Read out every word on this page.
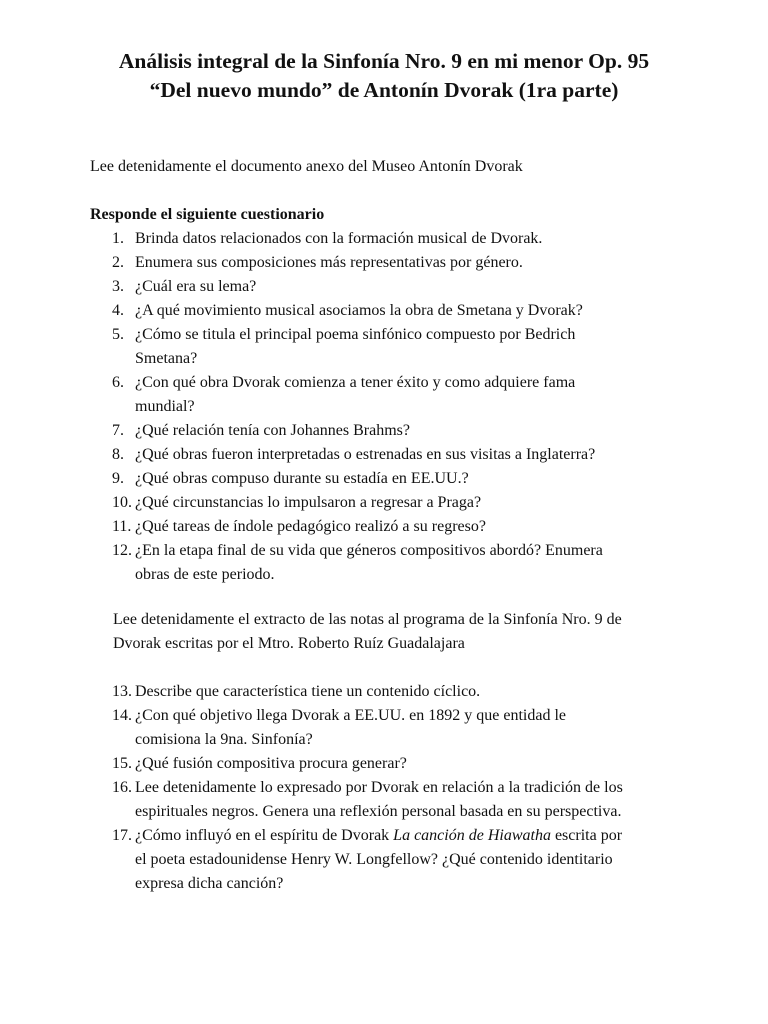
Análisis integral de la Sinfonía Nro. 9 en mi menor Op. 95
“Del nuevo mundo” de Antonín Dvorak (1ra parte)

Lee detenidamente el documento anexo del Museo Antonín Dvorak

Responde el siguiente cuestionario

1. Brinda datos relacionados con la formación musical de Dvorak.
2. Enumera sus composiciones más representativas por género.
3. ¿Cuál era su lema?
4. ¿A qué movimiento musical asociamos la obra de Smetana y Dvorak?
5. ¿Cómo se titula el principal poema sinfónico compuesto por Bedrich
Smetana?
6. ¿Con qué obra Dvorak comienza a tener éxito y como adquiere fama
mundial?
7. ¿Qué relación tenía con Johannes Brahms?
8. ¿Qué obras fueron interpretadas o estrenadas en sus visitas a Inglaterra?
9. ¿Qué obras compuso durante su estadía en EE.UU.?
10. ¿Qué circunstancias lo impulsaron a regresar a Praga?
11. ¿Qué tareas de índole pedagógico realizó a su regreso?
12. ¿En la etapa final de su vida que géneros compositivos abordó? Enumera
obras de este periodo.

Lee detenidamente el extracto de las notas al programa de la Sinfonía Nro. 9 de
Dvorak escritas por el Mtro. Roberto Ruíz Guadalajara

13. Describe que característica tiene un contenido cíclico.
14. ¿Con qué objetivo llega Dvorak a EE.UU. en 1892 y que entidad le
comisiona la 9na. Sinfonía?
15. ¿Qué fusión compositiva procura generar?
16. Lee detenidamente lo expresado por Dvorak en relación a la tradición de los
espirituales negros. Genera una reflexión personal basada en su perspectiva.
17. ¿Cómo influyó en el espíritu de Dvorak La canción de Hiawatha escrita por
el poeta estadounidense Henry W. Longfellow? ¿Qué contenido identitario
expresa dicha canción?
